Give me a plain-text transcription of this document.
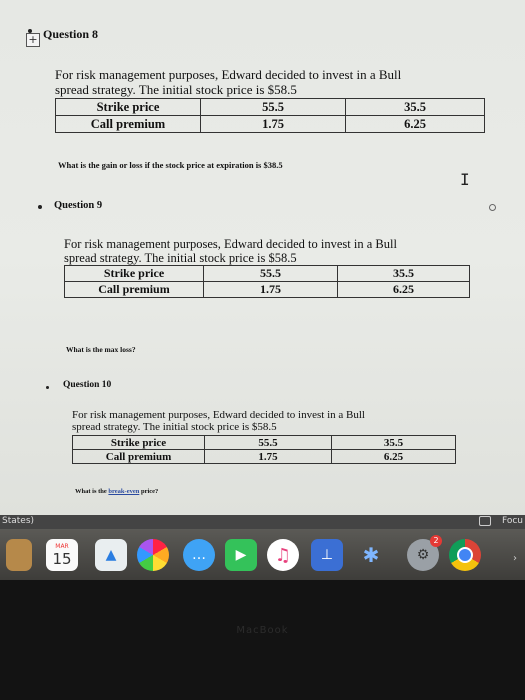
+ Question 8
For risk management purposes, Edward decided to invest in a Bull
spread strategy. The initial stock price is $58.5
Strike price	55.5	35.5
Call premium	1.75	6.25
What is the gain or loss if the stock price at expiration is $38.5
I
Question 9
For risk management purposes, Edward decided to invest in a Bull
spread strategy. The initial stock price is $58.5
Strike price	55.5	35.5
Call premium	1.75	6.25
What is the max loss?
Question 10
For risk management purposes, Edward decided to invest in a Bull
spread strategy. The initial stock price is $58.5
Strike price	55.5	35.5
Call premium	1.75	6.25
What is the break-even price?
States)	Focu
MAR
15	▲	…	▶	♫	⊥	✱	⚙
2
›
MacBook
